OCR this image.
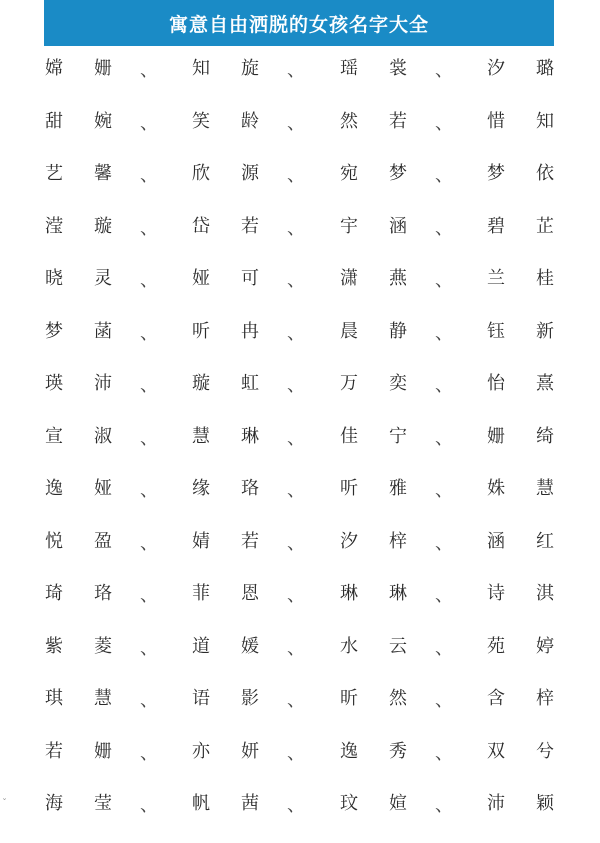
寓意自由洒脱的女孩名字大全
嫦 姗 、 知 旋 、 瑶 裳 、 汐 璐
甜 婉 、 笑 龄 、 然 若 、 惜 知
艺 馨 、 欣 源 、 宛 梦 、 梦 依
滢 璇 、 岱 若 、 宇 涵 、 碧 芷
晓 灵 、 娅 可 、 潇 燕 、 兰 桂
梦 菡 、 听 冉 、 晨 静 、 钰 新
瑛 沛 、 璇 虹 、 万 奕 、 怡 熹
宣 淑 、 慧 琳 、 佳 宁 、 姗 绮
逸 娅 、 缘 珞 、 听 雅 、 姝 慧
悦 盈 、 婧 若 、 汐 梓 、 涵 红
琦 珞 、 菲 恩 、 琳 琳 、 诗 淇
紫 菱 、 道 媛 、 水 云 、 苑 婷
琪 慧 、 语 影 、 昕 然 、 含 梓
若 姗 、 亦 妍 、 逸 秀 、 双 兮
海 莹 、 帆 茜 、 玟 媗 、 沛 颖
ˇ
